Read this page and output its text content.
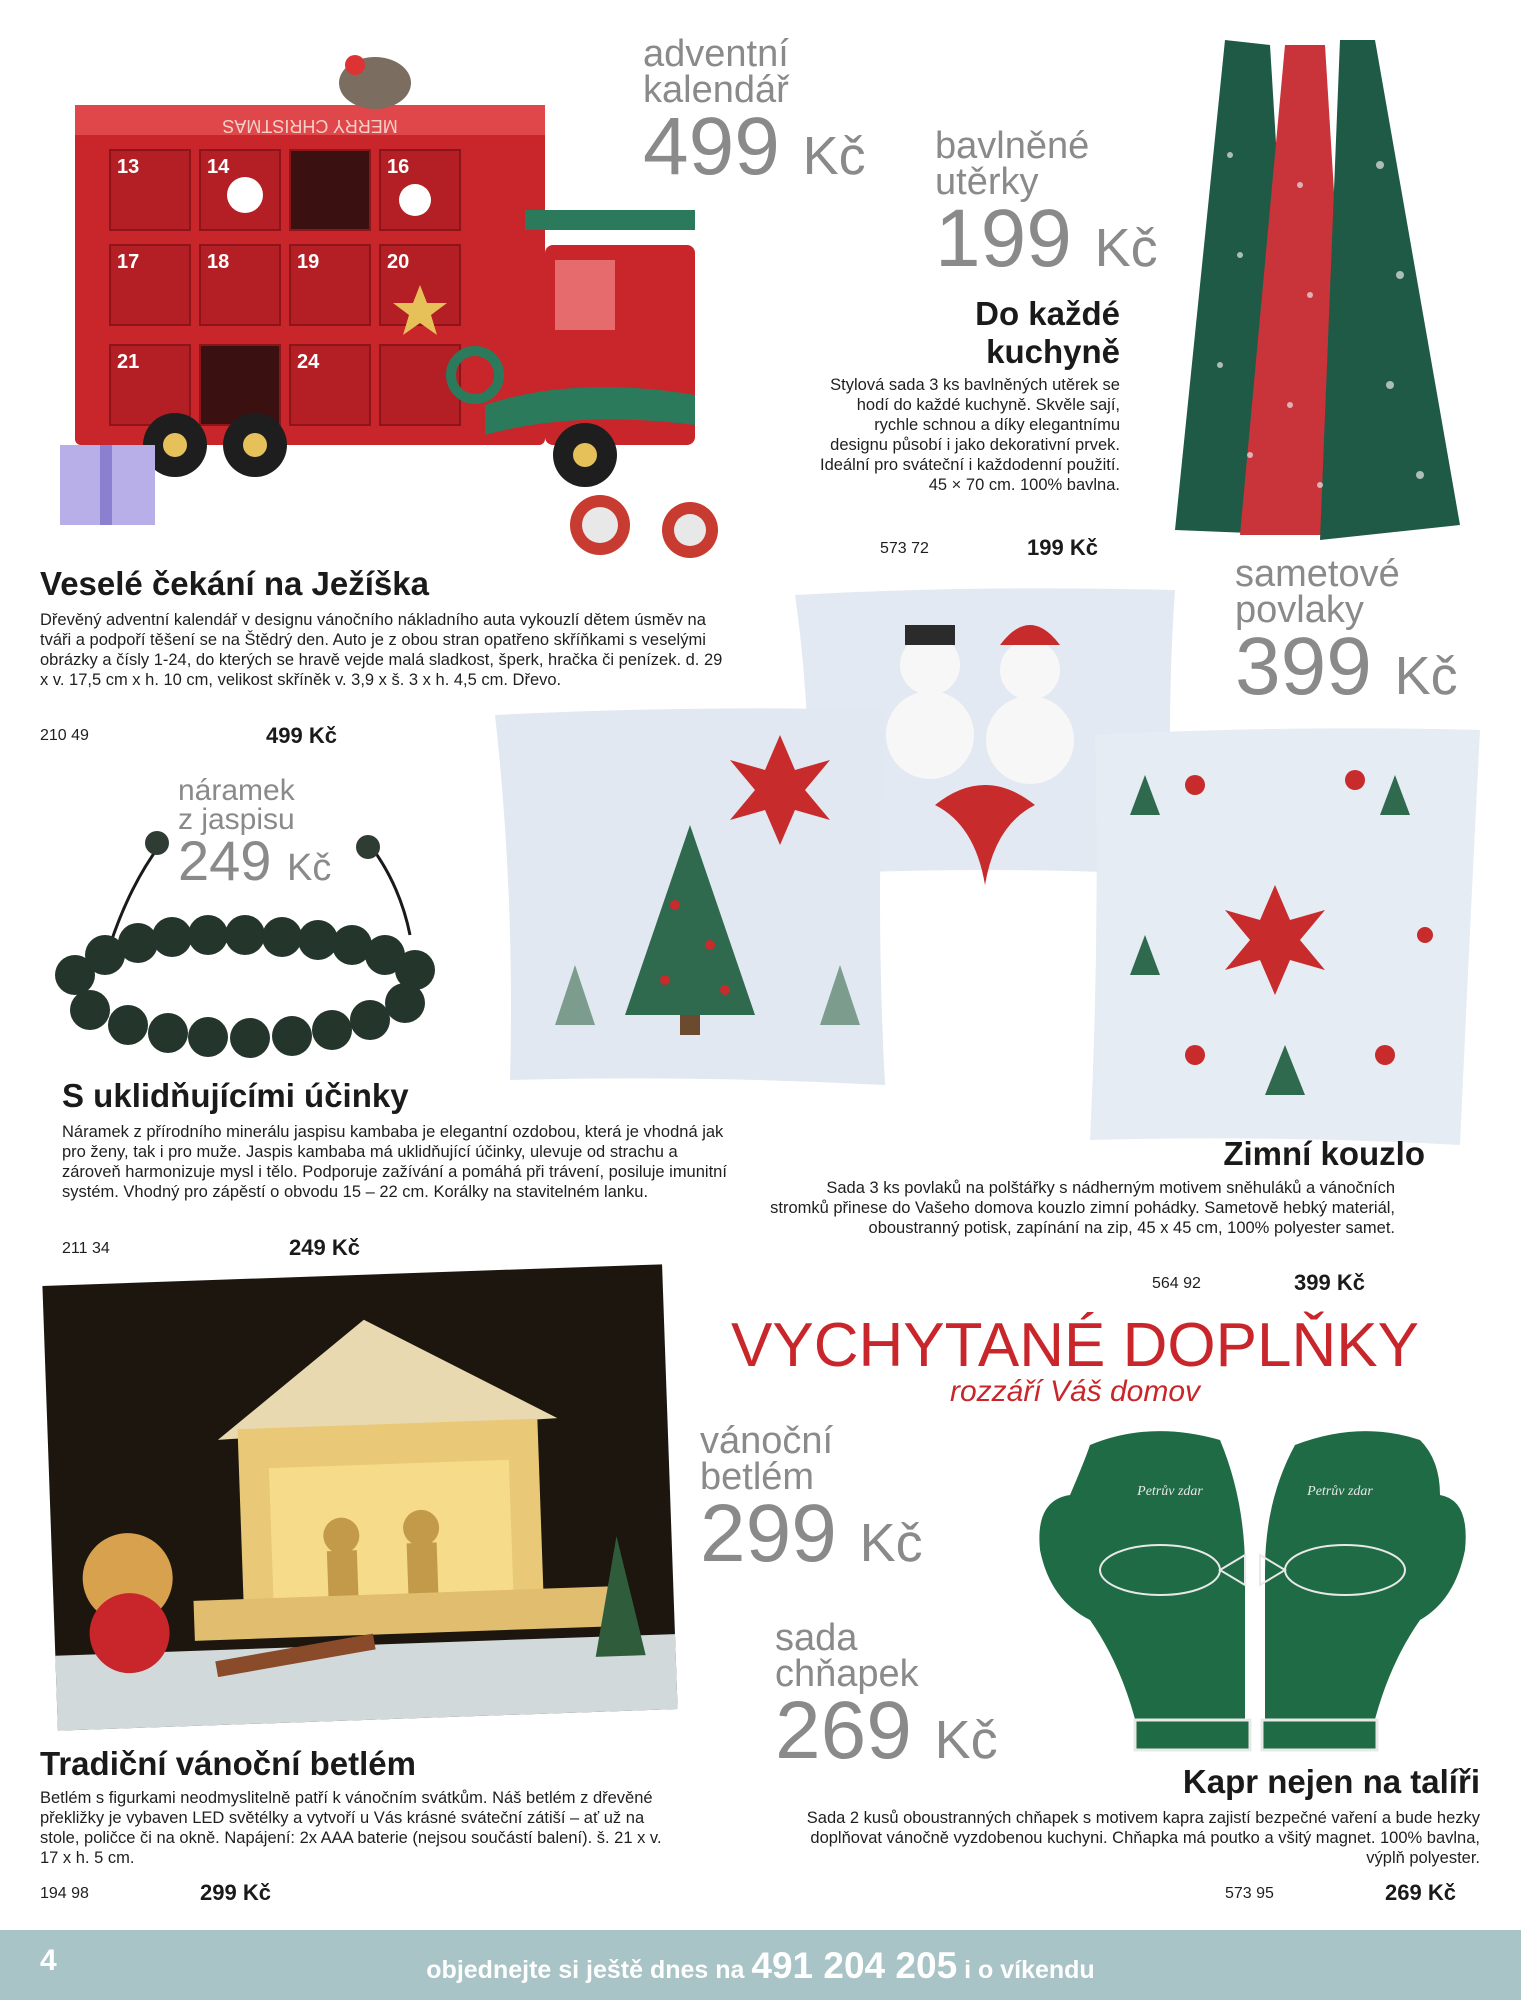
MERRY CHRISTMAS
13	14	16
17	18	19	20
21	24
adventní
kalendář
499 Kč
Veselé čekání na Ježíška
Dřevěný adventní kalendář v designu vánočního nákladního auta vykouzlí dětem úsměv na tváři a podpoří těšení se na Štědrý den. Auto je z obou stran opatřeno skříňkami s veselými obrázky a čísly 1-24, do kterých se hravě vejde malá sladkost, šperk, hračka či penízek. d. 29 x v. 17,5 cm x h. 10 cm, velikost skříněk v. 3,9 x š. 3 x h. 4,5 cm. Dřevo.
210 49	499 Kč
bavlněné
utěrky
199 Kč
Do každé
kuchyně
Stylová sada 3 ks bavlněných utěrek se hodí do každé kuchyně. Skvěle sají, rychle schnou a díky elegantnímu designu působí i jako dekorativní prvek. Ideální pro sváteční i každodenní použití. 45 × 70 cm. 100% bavlna.
573 72	199 Kč
sametové
povlaky
399 Kč
Zimní kouzlo
Sada 3 ks povlaků na polštářky s nádherným motivem sněhuláků a vánočních stromků přinese do Vašeho domova kouzlo zimní pohádky. Sametově hebký materiál, oboustranný potisk, zapínání na zip, 45 x 45 cm, 100% polyester samet.
564 92	399 Kč
náramek
z jaspisu
249 Kč
S uklidňujícími účinky
Náramek z přírodního minerálu jaspisu kambaba je elegantní ozdobou, která je vhodná jak pro ženy, tak i pro muže. Jaspis kambaba má uklidňující účinky, ulevuje od strachu a zároveň harmonizuje mysl i tělo. Podporuje zažívání a pomáhá při trávení, posiluje imunitní systém. Vhodný pro zápěstí o obvodu 15 – 22 cm. Korálky na stavitelném lanku.
211 34	249 Kč
vánoční
betlém
299 Kč
Tradiční vánoční betlém
Betlém s figurkami neodmyslitelně patří k vánočním svátkům. Náš betlém z dřevěné překližky je vybaven LED světélky a vytvoří u Vás krásné sváteční zátiší – ať už na stole, poličce či na okně. Napájení: 2x AAA baterie (nejsou součástí balení). š. 21 x v. 17 x h. 5 cm.
194 98	299 Kč
VYCHYTANÉ DOPLŇKY
rozzáří Váš domov
Petrův zdar	Petrův zdar
sada
chňapek
269 Kč
Kapr nejen na talíři
Sada 2 kusů oboustranných chňapek s motivem kapra zajistí bezpečné vaření a bude hezky doplňovat vánočně vyzdobenou kuchyni. Chňapka má poutko a všitý magnet. 100% bavlna, výplň polyester.
573 95	269 Kč
4	objednejte si ještě dnes na 491 204 205 i o víkendu
